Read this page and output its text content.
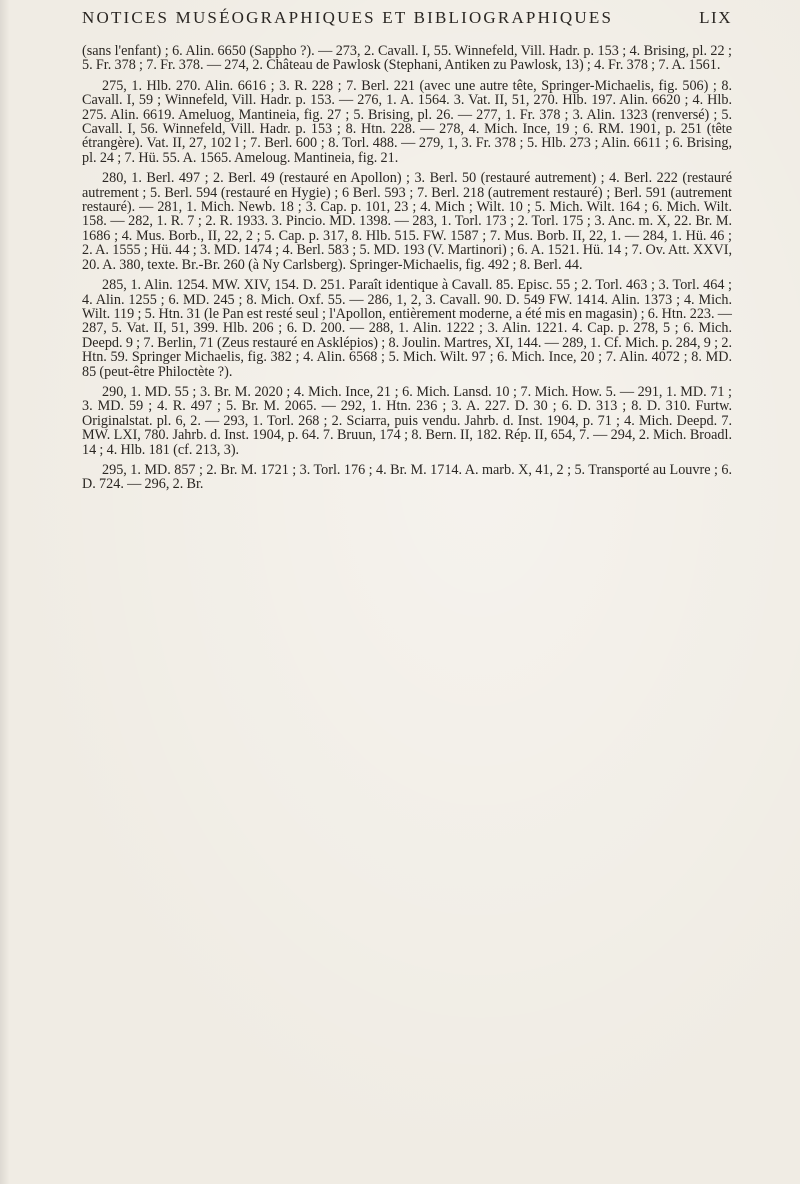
NOTICES MUSÉOGRAPHIQUES ET BIBLIOGRAPHIQUES	LIX

(sans l'enfant) ; 6. Alin. 6650 (Sappho ?). — 273, 2. Cavall. I, 55. Winnefeld, Vill. Hadr. p. 153 ; 4. Brising, pl. 22 ; 5. Fr. 378 ; 7. Fr. 378. — 274, 2. Château de Pawlosk (Stephani, Antiken zu Pawlosk, 13) ; 4. Fr. 378 ; 7. A. 1561.

275, 1. Hlb. 270. Alin. 6616 ; 3. R. 228 ; 7. Berl. 221 (avec une autre tête, Springer-Michaelis, fig. 506) ; 8. Cavall. I, 59 ; Winnefeld, Vill. Hadr. p. 153. — 276, 1. A. 1564. 3. Vat. II, 51, 270. Hlb. 197. Alin. 6620 ; 4. Hlb. 275. Alin. 6619. Ameluog, Mantineia, fig. 27 ; 5. Brising, pl. 26. — 277, 1. Fr. 378 ; 3. Alin. 1323 (renversé) ; 5. Cavall. I, 56. Winnefeld, Vill. Hadr. p. 153 ; 8. Htn. 228. — 278, 4. Mich. Ince, 19 ; 6. RM. 1901, p. 251 (tête étrangère). Vat. II, 27, 102 l ; 7. Berl. 600 ; 8. Torl. 488. — 279, 1, 3. Fr. 378 ; 5. Hlb. 273 ; Alin. 6611 ; 6. Brising, pl. 24 ; 7. Hü. 55. A. 1565. Ameloug. Mantineia, fig. 21.

280, 1. Berl. 497 ; 2. Berl. 49 (restauré en Apollon) ; 3. Berl. 50 (restauré autrement) ; 4. Berl. 222 (restauré autrement ; 5. Berl. 594 (restauré en Hygie) ; 6 Berl. 593 ; 7. Berl. 218 (autrement restauré) ; Berl. 591 (autrement restauré). — 281, 1. Mich. Newb. 18 ; 3. Cap. p. 101, 23 ; 4. Mich ; Wilt. 10 ; 5. Mich. Wilt. 164 ; 6. Mich. Wilt. 158. — 282, 1. R. 7 ; 2. R. 1933. 3. Pincio. MD. 1398. — 283, 1. Torl. 173 ; 2. Torl. 175 ; 3. Anc. m. X, 22. Br. M. 1686 ; 4. Mus. Borb., II, 22, 2 ; 5. Cap. p. 317, 8. Hlb. 515. FW. 1587 ; 7. Mus. Borb. II, 22, 1. — 284, 1. Hü. 46 ; 2. A. 1555 ; Hü. 44 ; 3. MD. 1474 ; 4. Berl. 583 ; 5. MD. 193 (V. Martinori) ; 6. A. 1521. Hü. 14 ; 7. Ov. Att. XXVI, 20. A. 380, texte. Br.-Br. 260 (à Ny Carlsberg). Springer-Michaelis, fig. 492 ; 8. Berl. 44.

285, 1. Alin. 1254. MW. XIV, 154. D. 251. Paraît identique à Cavall. 85. Episc. 55 ; 2. Torl. 463 ; 3. Torl. 464 ; 4. Alin. 1255 ; 6. MD. 245 ; 8. Mich. Oxf. 55. — 286, 1, 2, 3. Cavall. 90. D. 549 FW. 1414. Alin. 1373 ; 4. Mich. Wilt. 119 ; 5. Htn. 31 (le Pan est resté seul ; l'Apollon, entièrement moderne, a été mis en magasin) ; 6. Htn. 223. — 287, 5. Vat. II, 51, 399. Hlb. 206 ; 6. D. 200. — 288, 1. Alin. 1222 ; 3. Alin. 1221. 4. Cap. p. 278, 5 ; 6. Mich. Deepd. 9 ; 7. Berlin, 71 (Zeus restauré en Asklépios) ; 8. Joulin. Martres, XI, 144. — 289, 1. Cf. Mich. p. 284, 9 ; 2. Htn. 59. Springer Michaelis, fig. 382 ; 4. Alin. 6568 ; 5. Mich. Wilt. 97 ; 6. Mich. Ince, 20 ; 7. Alin. 4072 ; 8. MD. 85 (peut-être Philoctète ?).

290, 1. MD. 55 ; 3. Br. M. 2020 ; 4. Mich. Ince, 21 ; 6. Mich. Lansd. 10 ; 7. Mich. How. 5. — 291, 1. MD. 71 ; 3. MD. 59 ; 4. R. 497 ; 5. Br. M. 2065. — 292, 1. Htn. 236 ; 3. A. 227. D. 30 ; 6. D. 313 ; 8. D. 310. Furtw. Originalstat. pl. 6, 2. — 293, 1. Torl. 268 ; 2. Sciarra, puis vendu. Jahrb. d. Inst. 1904, p. 71 ; 4. Mich. Deepd. 7. MW. LXI, 780. Jahrb. d. Inst. 1904, p. 64. 7. Bruun, 174 ; 8. Bern. II, 182. Rép. II, 654, 7. — 294, 2. Mich. Broadl. 14 ; 4. Hlb. 181 (cf. 213, 3).

295, 1. MD. 857 ; 2. Br. M. 1721 ; 3. Torl. 176 ; 4. Br. M. 1714. A. marb. X, 41, 2 ; 5. Transporté au Louvre ; 6. D. 724. — 296, 2. Br.
